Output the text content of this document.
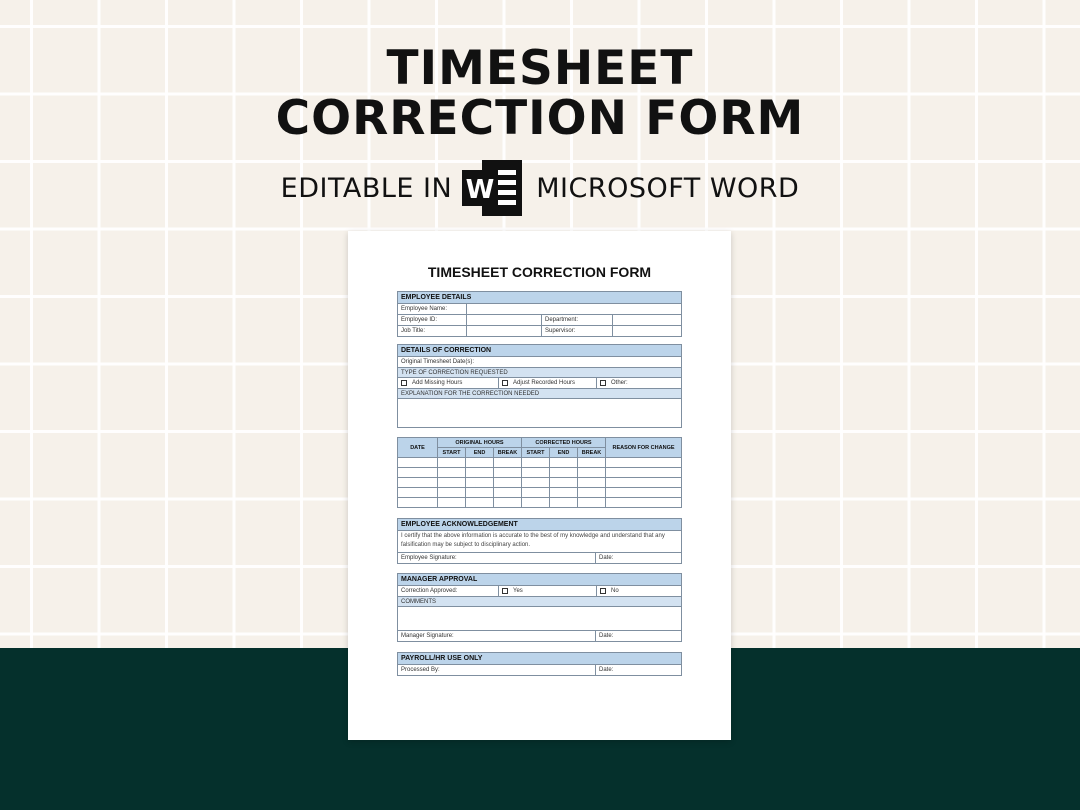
TIMESHEET
CORRECTION FORM
EDITABLE IN W MICROSOFT WORD
TIMESHEET CORRECTION FORM
EMPLOYEE DETAILS
Employee Name:
Employee ID:	Department:
Job Title:	Supervisor:
DETAILS OF CORRECTION
Original Timesheet Date(s):
TYPE OF CORRECTION REQUESTED
Add Missing Hours	Adjust Recorded Hours	Other:
EXPLANATION FOR THE CORRECTION NEEDED
DATE	ORIGINAL HOURS			CORRECTED HOURS			REASON FOR CHANGE
	START	END	BREAK	START	END	BREAK	

EMPLOYEE ACKNOWLEDGEMENT
I certify that the above information is accurate to the best of my knowledge and understand that any falsification may be subject to disciplinary action.
Employee Signature:	Date:
MANAGER APPROVAL
Correction Approved:	Yes	No
COMMENTS
Manager Signature:	Date:
PAYROLL/HR USE ONLY
Processed By:	Date:
